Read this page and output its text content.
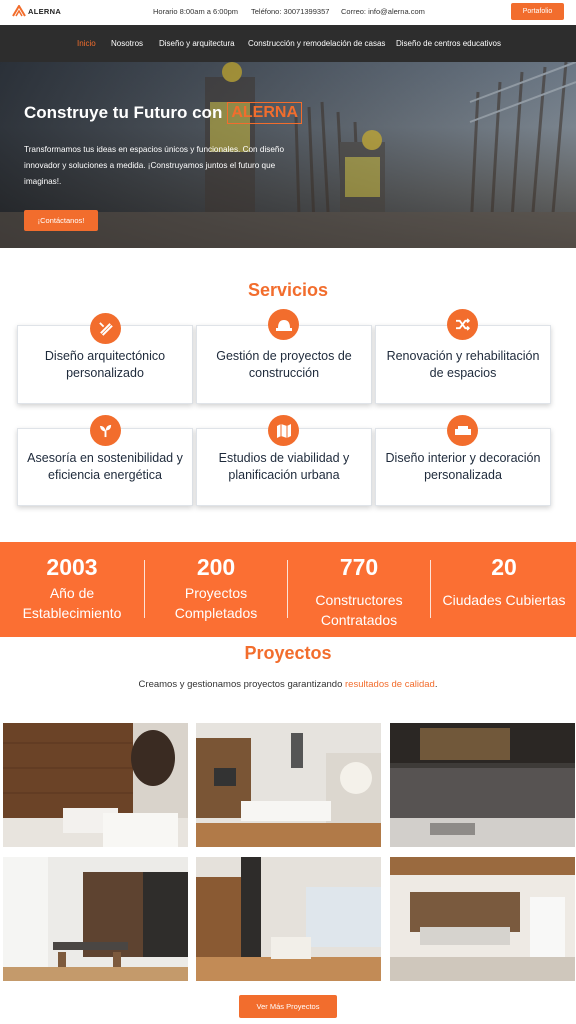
ALERNA	Horario 8:00am a 6:00pm Teléfono: 30071399357 Correo: info@alerna.com	Portafolio
Inicio Nosotros Diseño y arquitectura Construcción y remodelación de casas Diseño de centros educativos
Construye tu Futuro con ALERNA

Transformamos tus ideas en espacios únicos y funcionales. Con diseño innovador y soluciones a medida. ¡Construyamos juntos el futuro que imaginas!.

¡Contáctanos!
Servicios
Diseño arquitectónico personalizado
Gestión de proyectos de construcción
Renovación y rehabilitación de espacios
Asesoría en sostenibilidad y eficiencia energética
Estudios de viabilidad y planificación urbana
Diseño interior y decoración personalizada
2003
Año de Establecimiento
200
Proyectos Completados
770
Constructores Contratados
20
Ciudades Cubiertas
Proyectos

Creamos y gestionamos proyectos garantizando resultados de calidad.

Ver Más Proyectos
